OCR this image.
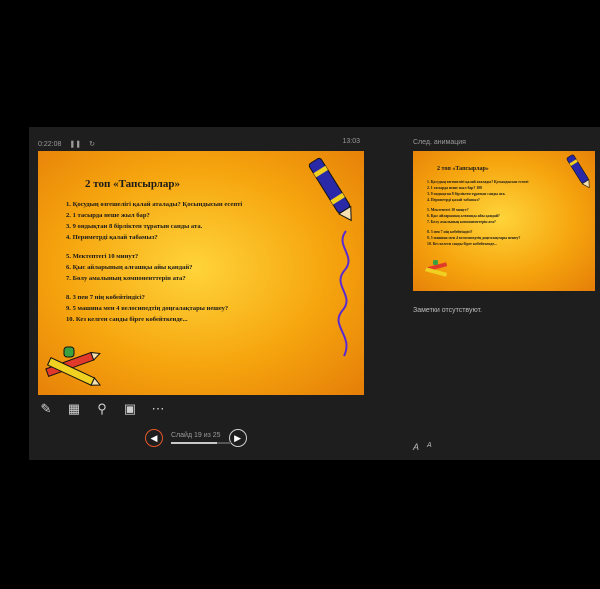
0:22:08 ❚❚ ↻	13:03
2 топ «Тапсырлар»
1. Қосудың өзгешелігі қалай аталады? Қосындысын есепті
2. 1 тасырда неше жыл бар?
3. 9 ондықтан 8 бірліктен тұратын санды ата.
4. Периметрді қалай табамыз?
5. Мектептегі 10 минут?
6. Қыс айларының алғашқы айы қандай?
7. Бөлу амалының компоненттерін ата?
8. 3 пен 7 нің көбейтіндісі?
9. 5 машина мен 4 велосипедтің доңғалақтары нешеу?
10. Кез келген санды бірге көбейткенде...
✎ ▦ ⚲ ▣ ⋯
◀	Слайд 19 из 25	▶
След. анимация
2 топ «Тапсырлар»
1. Қосудың өзгешелігі қалай аталады? Қосындысын есепті
2. 1 тасырда неше жыл бар? 100
3. 9 ондықтан 8 бірліктен тұратын санды ата.
4. Периметрді қалай табамыз?
5. Мектептегі 10 минут?
6. Қыс айларының алғашқы айы қандай?
7. Бөлу амалының компоненттерін ата?
8. 3 пен 7 нің көбейтіндісі?
9. 5 машина мен 4 велосипедтің доңғалақтары нешеу?
10. Кез келген санды бірге көбейткенде...
Заметки отсутствуют.
A A
